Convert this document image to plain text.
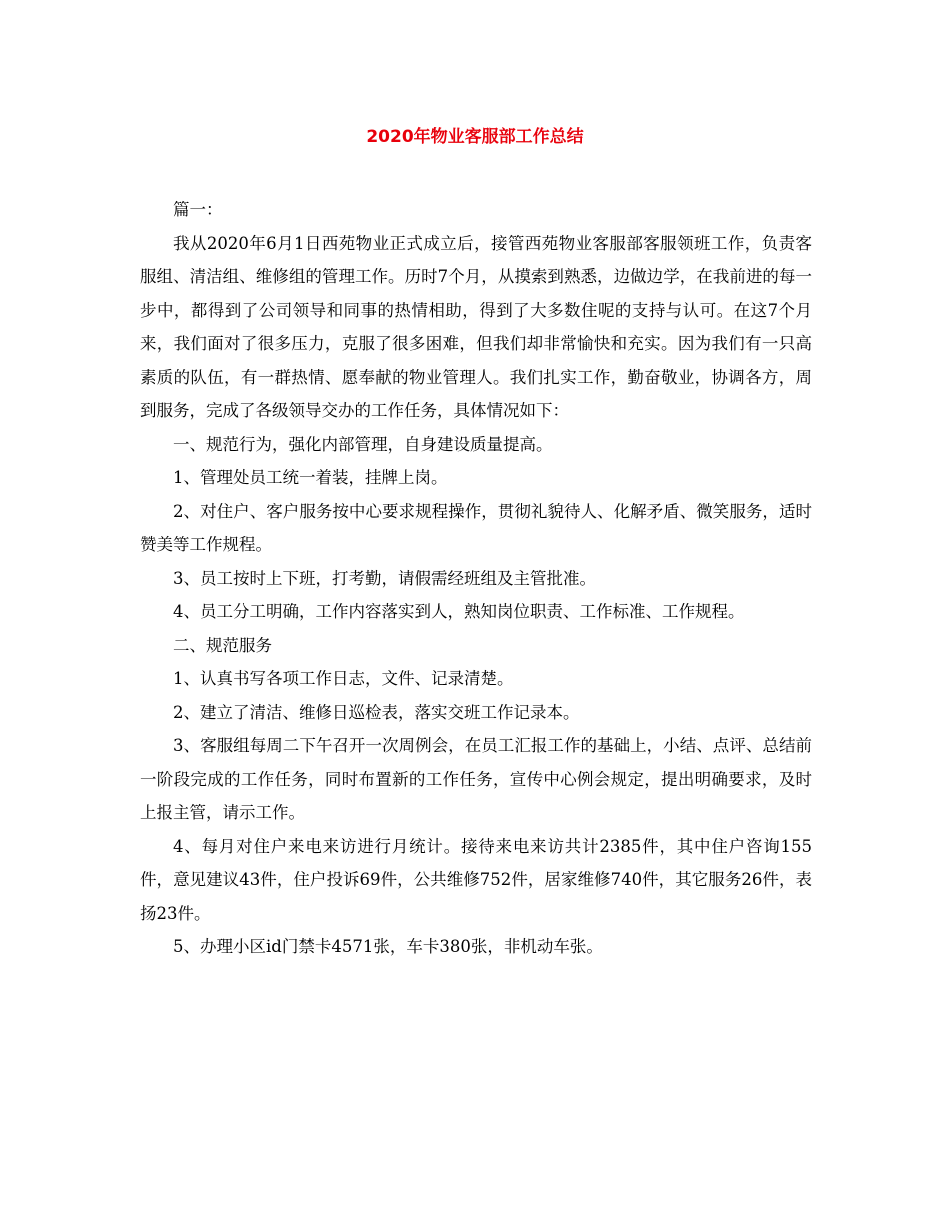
2020年物业客服部工作总结

篇一：

我从2020年6月1日西苑物业正式成立后，接管西苑物业客服部客服领班工作，负责客服组、清洁组、维修组的管理工作。历时7个月，从摸索到熟悉，边做边学，在我前进的每一步中，都得到了公司领导和同事的热情相助，得到了大多数住呢的支持与认可。在这7个月来，我们面对了很多压力，克服了很多困难，但我们却非常愉快和充实。因为我们有一只高素质的队伍，有一群热情、愿奉献的物业管理人。我们扎实工作，勤奋敬业，协调各方，周到服务，完成了各级领导交办的工作任务，具体情况如下：

一、规范行为，强化内部管理，自身建设质量提高。

1、管理处员工统一着装，挂牌上岗。

2、对住户、客户服务按中心要求规程操作，贯彻礼貌待人、化解矛盾、微笑服务，适时赞美等工作规程。

3、员工按时上下班，打考勤，请假需经班组及主管批准。

4、员工分工明确，工作内容落实到人，熟知岗位职责、工作标准、工作规程。

二、规范服务

1、认真书写各项工作日志，文件、记录清楚。

2、建立了清洁、维修日巡检表，落实交班工作记录本。

3、客服组每周二下午召开一次周例会，在员工汇报工作的基础上，小结、点评、总结前一阶段完成的工作任务，同时布置新的工作任务，宣传中心例会规定，提出明确要求，及时上报主管，请示工作。

4、每月对住户来电来访进行月统计。接待来电来访共计2385件，其中住户咨询155件，意见建议43件，住户投诉69件，公共维修752件，居家维修740件，其它服务26件，表扬23件。

5、办理小区id门禁卡4571张，车卡380张，非机动车张。
